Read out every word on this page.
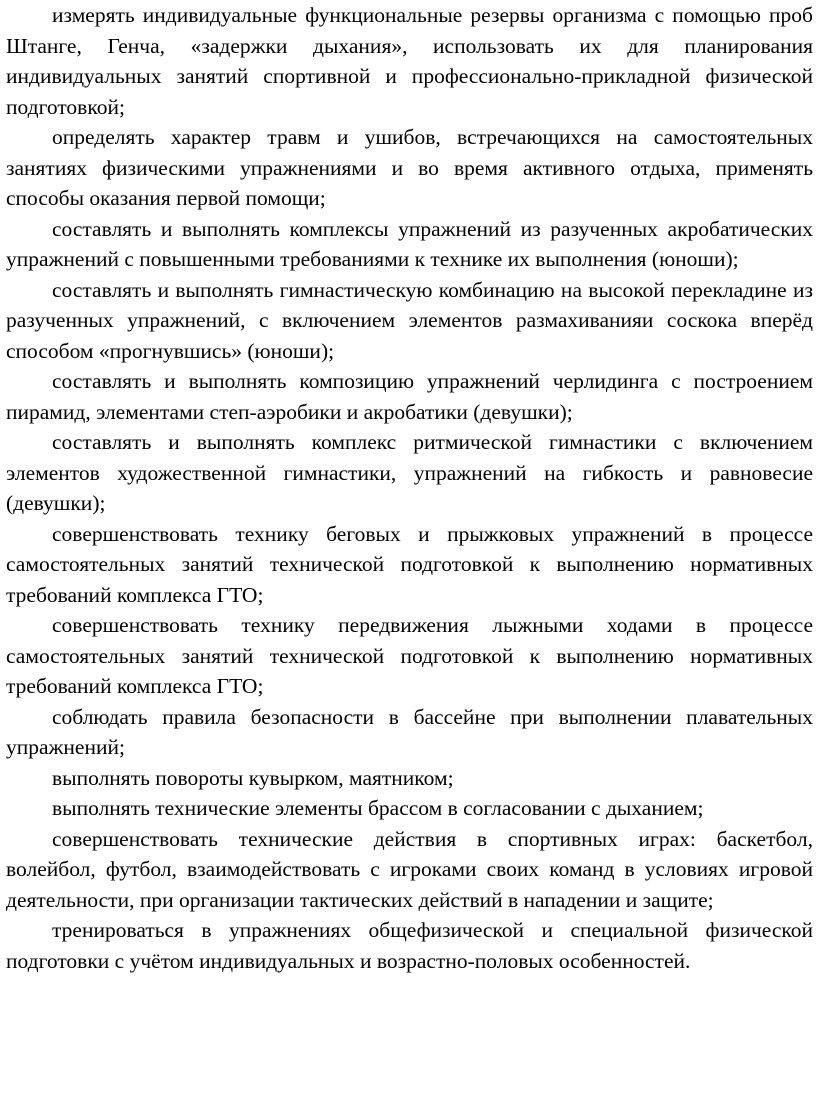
измерять индивидуальные функциональные резервы организма с помощью проб Штанге, Генча, «задержки дыхания», использовать их для планирования индивидуальных занятий спортивной и профессионально-прикладной физической подготовкой;

определять характер травм и ушибов, встречающихся на самостоятельных занятиях физическими упражнениями и во время активного отдыха, применять способы оказания первой помощи;

составлять и выполнять комплексы упражнений из разученных акробатических упражнений с повышенными требованиями к технике их выполнения (юноши);

составлять и выполнять гимнастическую комбинацию на высокой перекладине из разученных упражнений, с включением элементов размахиванияи соскока вперёд способом «прогнувшись» (юноши);

составлять и выполнять композицию упражнений черлидинга с построением пирамид, элементами степ-аэробики и акробатики (девушки);

составлять и выполнять комплекс ритмической гимнастики с включением элементов художественной гимнастики, упражнений на гибкость и равновесие (девушки);

совершенствовать технику беговых и прыжковых упражнений в процессе самостоятельных занятий технической подготовкой к выполнению нормативных требований комплекса ГТО;

совершенствовать технику передвижения лыжными ходами в процессе самостоятельных занятий технической подготовкой к выполнению нормативных требований комплекса ГТО;

соблюдать правила безопасности в бассейне при выполнении плавательных упражнений;

выполнять повороты кувырком, маятником;

выполнять технические элементы брассом в согласовании с дыханием;

совершенствовать технические действия в спортивных играх: баскетбол, волейбол, футбол, взаимодействовать с игроками своих команд в условиях игровой деятельности, при организации тактических действий в нападении и защите;

тренироваться в упражнениях общефизической и специальной физической подготовки с учётом индивидуальных и возрастно-половых особенностей.
